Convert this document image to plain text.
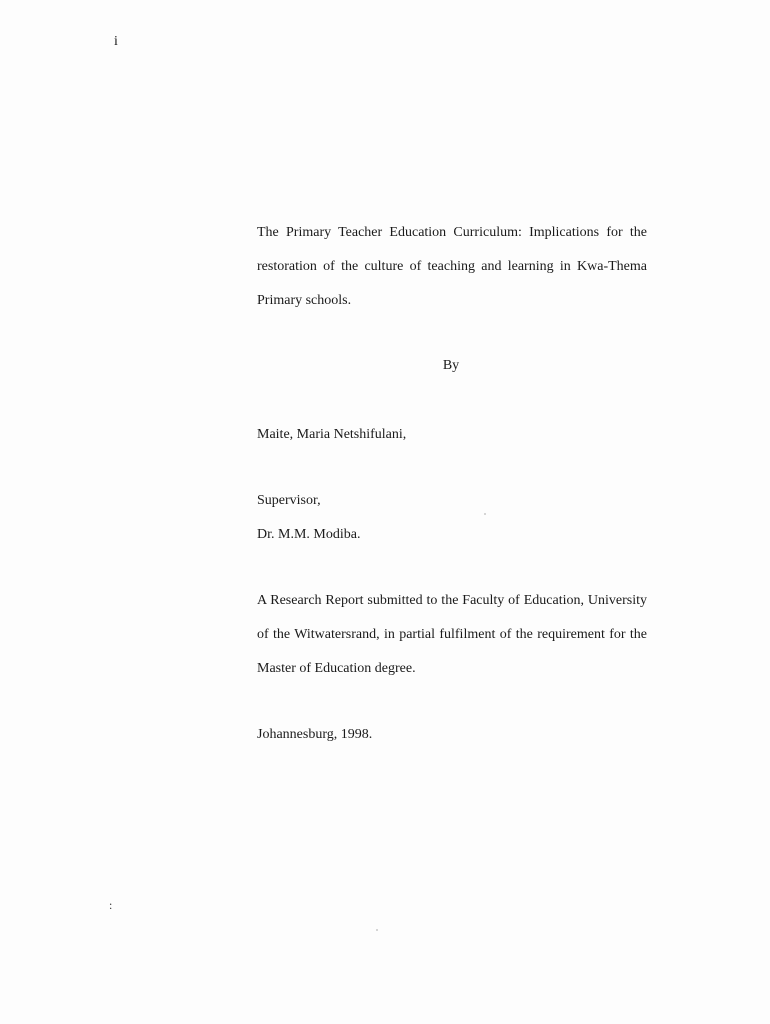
i

The Primary Teacher Education Curriculum: Implications for the restoration of the culture of teaching and learning in Kwa-Thema Primary schools.

By
Maite, Maria Netshifulani,
Supervisor,
Dr. M.M. Modiba.

A Research Report submitted to the Faculty of Education, University of the Witwatersrand, in partial fulfilment of the requirement for the Master of Education degree.

Johannesburg, 1998.
:
